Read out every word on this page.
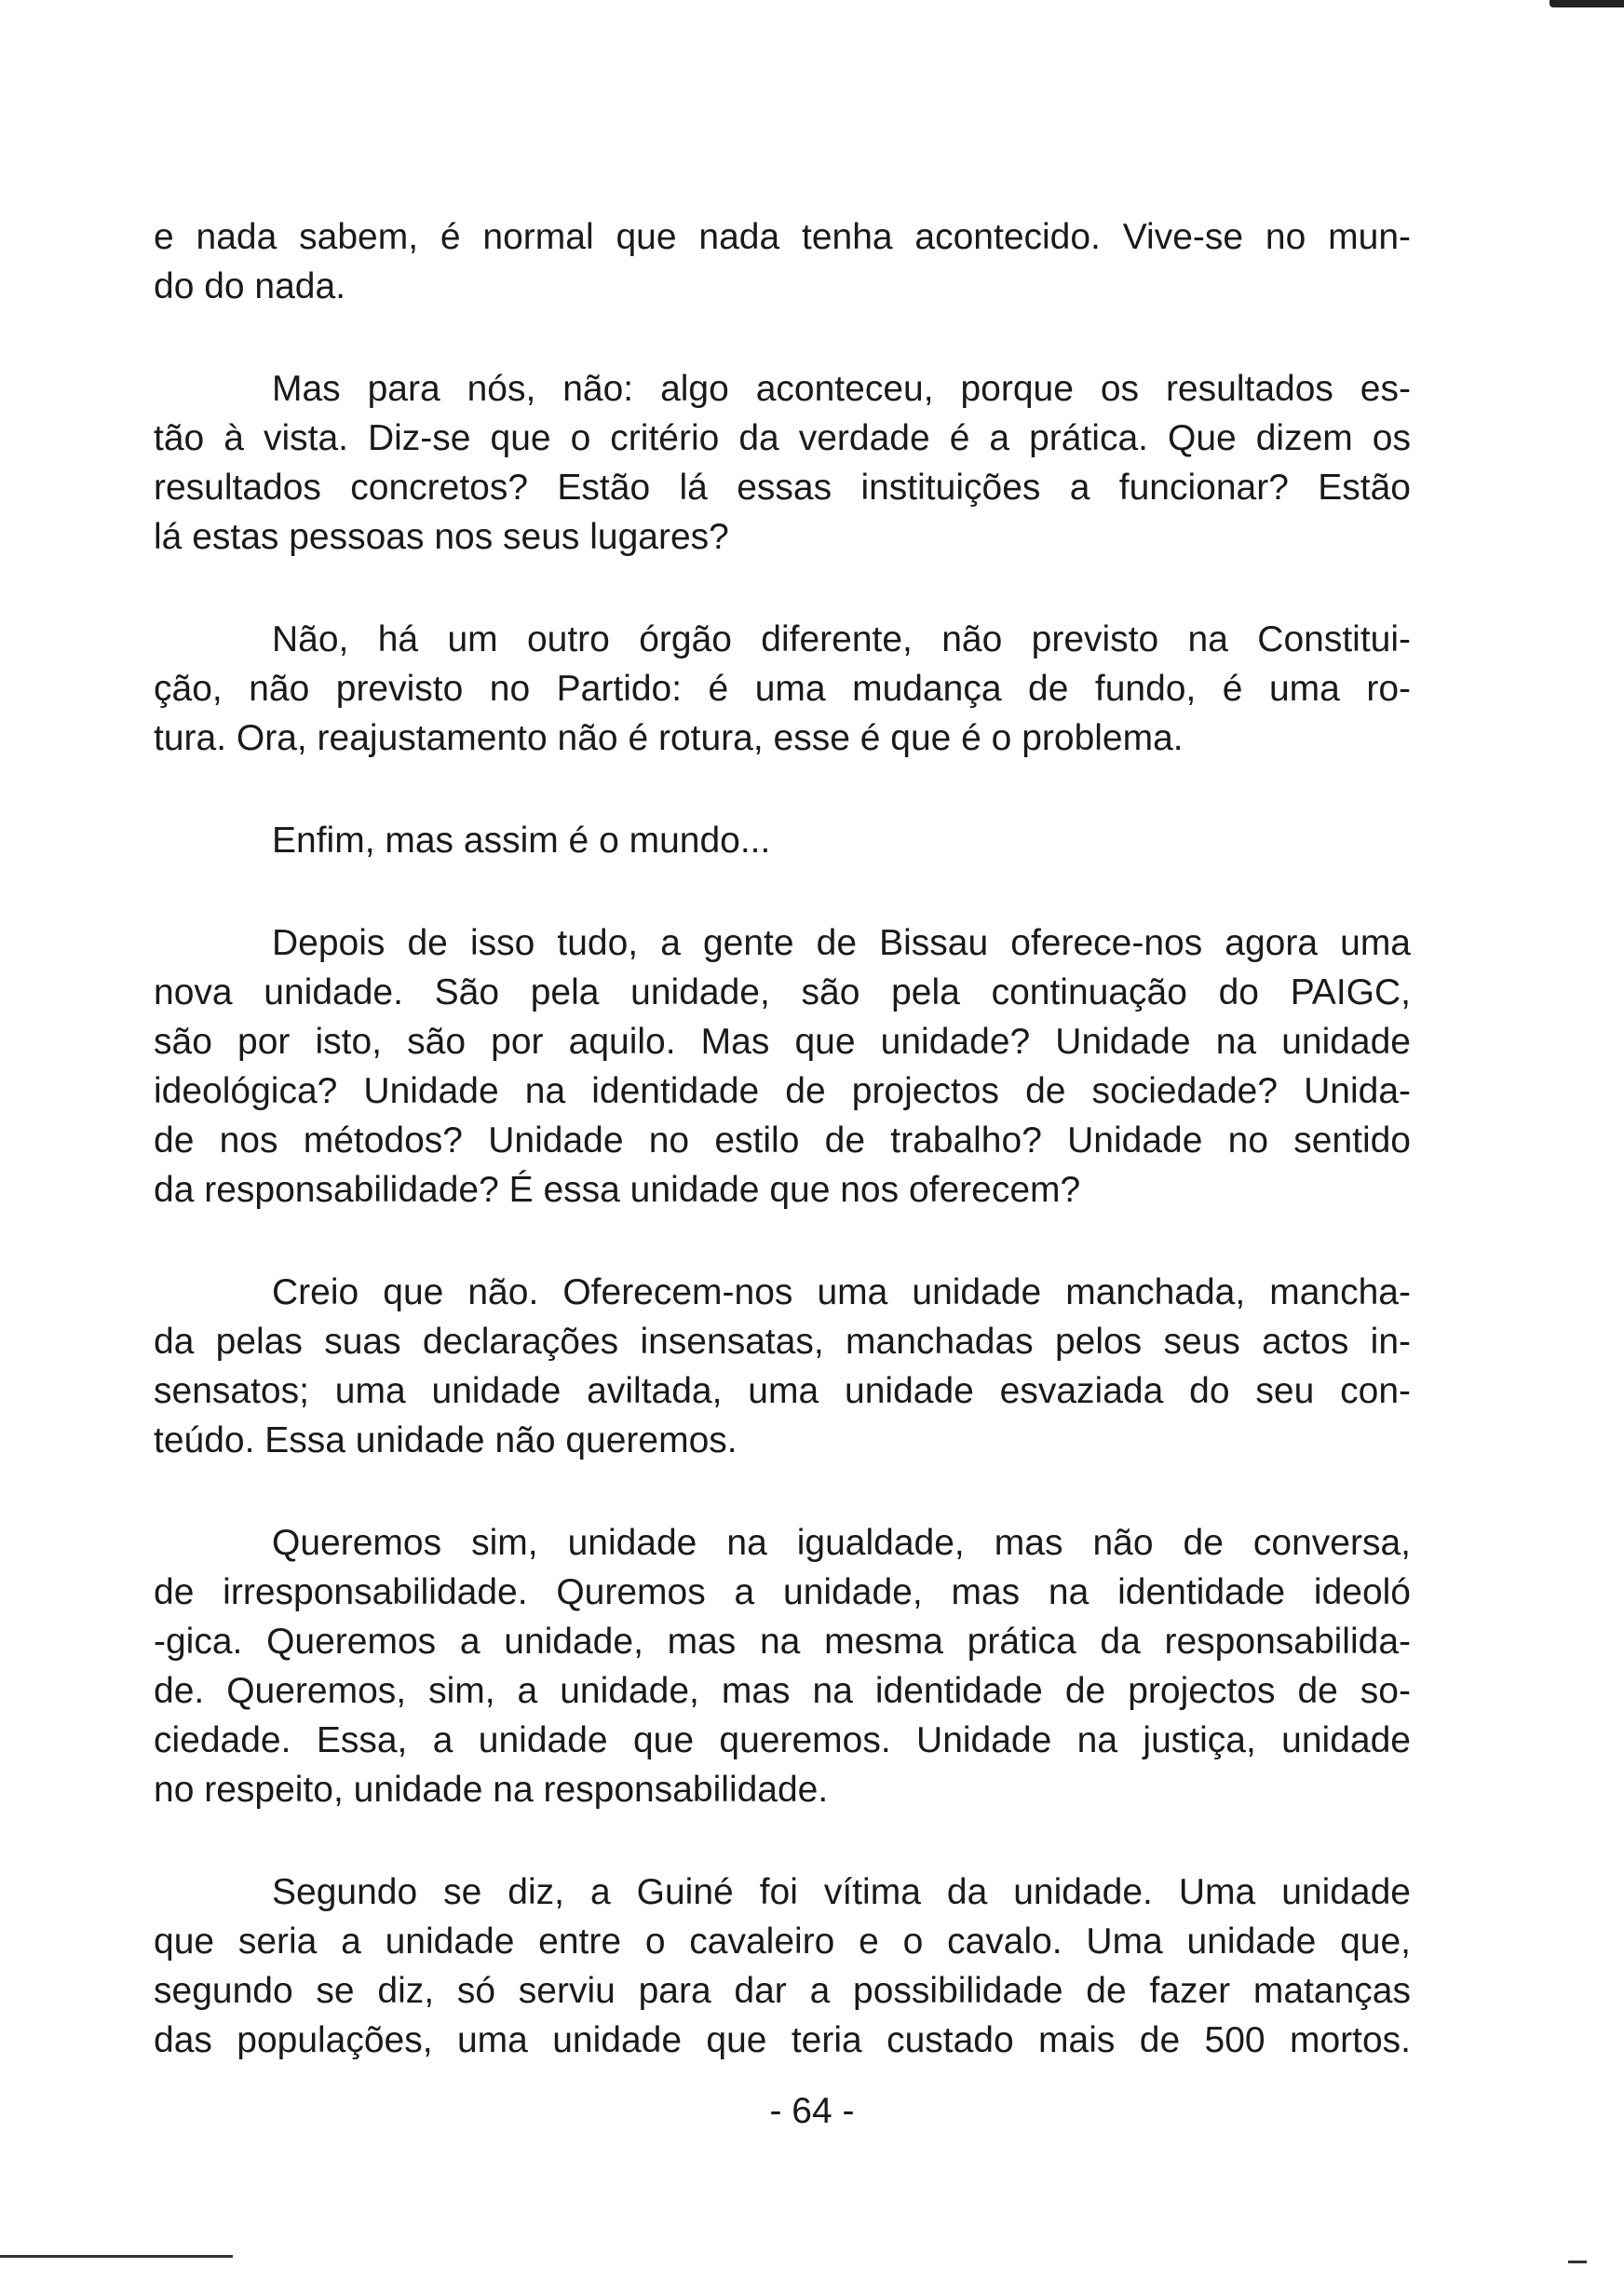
e nada sabem, é normal que nada tenha acontecido. Vive-se no mun-
do do nada.
Mas para nós, não: algo aconteceu, porque os resultados es-
tão à vista. Diz-se que o critério da verdade é a prática. Que dizem os
resultados concretos? Estão lá essas instituições a funcionar? Estão
lá estas pessoas nos seus lugares?
Não, há um outro órgão diferente, não previsto na Constitui-
ção, não previsto no Partido: é uma mudança de fundo, é uma ro-
tura. Ora, reajustamento não é rotura, esse é que é o problema.
Enfim, mas assim é o mundo...
Depois de isso tudo, a gente de Bissau oferece-nos agora uma
nova unidade. São pela unidade, são pela continuação do PAIGC,
são por isto, são por aquilo. Mas que unidade? Unidade na unidade
ideológica? Unidade na identidade de projectos de sociedade? Unida-
de nos métodos? Unidade no estilo de trabalho? Unidade no sentido
da responsabilidade? É essa unidade que nos oferecem?
Creio que não. Oferecem-nos uma unidade manchada, mancha-
da pelas suas declarações insensatas, manchadas pelos seus actos in-
sensatos; uma unidade aviltada, uma unidade esvaziada do seu con-
teúdo. Essa unidade não queremos.
Queremos sim, unidade na igualdade, mas não de conversa,
de irresponsabilidade. Quremos a unidade, mas na identidade ideoló
-gica. Queremos a unidade, mas na mesma prática da responsabilida-
de. Queremos, sim, a unidade, mas na identidade de projectos de so-
ciedade. Essa, a unidade que queremos. Unidade na justiça, unidade
no respeito, unidade na responsabilidade.
Segundo se diz, a Guiné foi vítima da unidade. Uma unidade
que seria a unidade entre o cavaleiro e o cavalo. Uma unidade que,
segundo se diz, só serviu para dar a possibilidade de fazer matanças
das populações, uma unidade que teria custado mais de 500 mortos.
- 64 -
